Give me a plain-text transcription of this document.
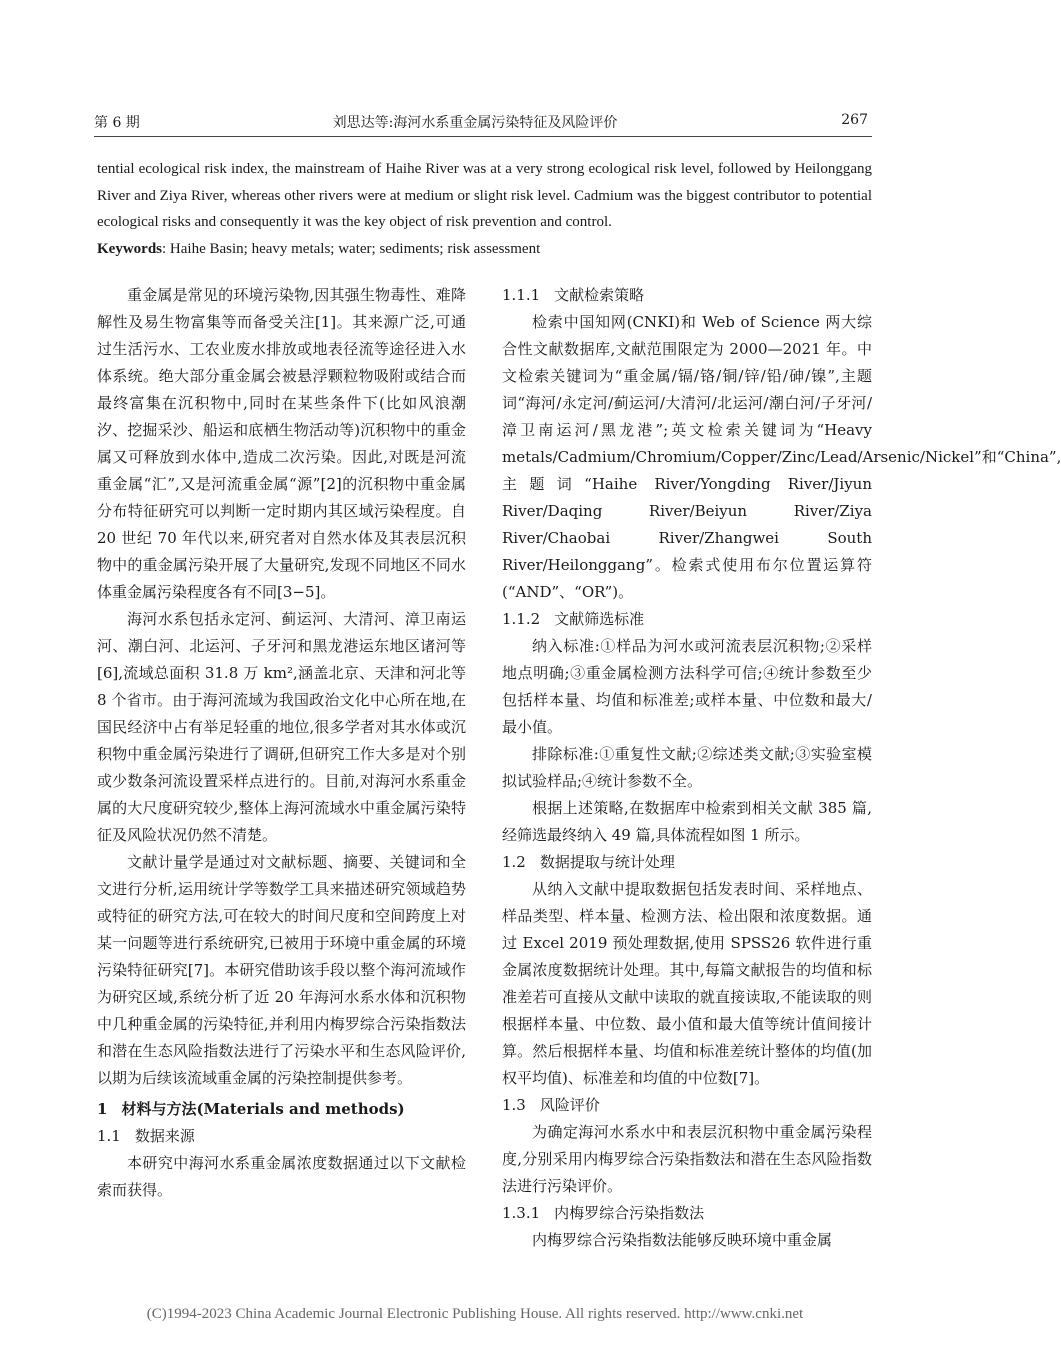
第 6 期	刘思达等:海河水系重金属污染特征及风险评价	267

tential ecological risk index, the mainstream of Haihe River was at a very strong ecological risk level, followed by Heilonggang River and Ziya River, whereas other rivers were at medium or slight risk level. Cadmium was the biggest contributor to potential ecological risks and consequently it was the key object of risk prevention and control.

Keywords: Haihe Basin; heavy metals; water; sediments; risk assessment

重金属是常见的环境污染物,因其强生物毒性、难降解性及易生物富集等而备受关注[1]。其来源广泛,可通过生活污水、工农业废水排放或地表径流等途径进入水体系统。绝大部分重金属会被悬浮颗粒物吸附或结合而最终富集在沉积物中,同时在某些条件下(比如风浪潮汐、挖掘采沙、船运和底栖生物活动等)沉积物中的重金属又可释放到水体中,造成二次污染。因此,对既是河流重金属“汇”,又是河流重金属“源”[2]的沉积物中重金属分布特征研究可以判断一定时期内其区域污染程度。自 20 世纪 70 年代以来,研究者对自然水体及其表层沉积物中的重金属污染开展了大量研究,发现不同地区不同水体重金属污染程度各有不同[3−5]。

海河水系包括永定河、蓟运河、大清河、漳卫南运河、潮白河、北运河、子牙河和黑龙港运东地区诸河等[6],流域总面积 31.8 万 km²,涵盖北京、天津和河北等 8 个省市。由于海河流域为我国政治文化中心所在地,在国民经济中占有举足轻重的地位,很多学者对其水体或沉积物中重金属污染进行了调研,但研究工作大多是对个别或少数条河流设置采样点进行的。目前,对海河水系重金属的大尺度研究较少,整体上海河流域水中重金属污染特征及风险状况仍然不清楚。

文献计量学是通过对文献标题、摘要、关键词和全文进行分析,运用统计学等数学工具来描述研究领域趋势或特征的研究方法,可在较大的时间尺度和空间跨度上对某一问题等进行系统研究,已被用于环境中重金属的环境污染特征研究[7]。本研究借助该手段以整个海河流域作为研究区域,系统分析了近 20 年海河水系水体和沉积物中几种重金属的污染特征,并利用内梅罗综合污染指数法和潜在生态风险指数法进行了污染水平和生态风险评价,以期为后续该流域重金属的污染控制提供参考。

1 材料与方法(Materials and methods)

1.1 数据来源

本研究中海河水系重金属浓度数据通过以下文献检索而获得。

1.1.1 文献检索策略

检索中国知网(CNKI)和 Web of Science 两大综合性文献数据库,文献范围限定为 2000—2021 年。中文检索关键词为“重金属/镉/铬/铜/锌/铅/砷/镍”,主题词“海河/永定河/蓟运河/大清河/北运河/潮白河/子牙河/漳卫南运河/黑龙港”;英文检索关键词为“Heavy metals/Cadmium/Chromium/Copper/Zinc/Lead/Arsenic/Nickel”和“China”,主题词“Haihe River/Yongding River/Jiyun River/Daqing River/Beiyun River/Ziya River/Chaobai River/Zhangwei South River/Heilonggang”。检索式使用布尔位置运算符(“AND”、“OR”)。

1.1.2 文献筛选标准

纳入标准:①样品为河水或河流表层沉积物;②采样地点明确;③重金属检测方法科学可信;④统计参数至少包括样本量、均值和标准差;或样本量、中位数和最大/最小值。

排除标准:①重复性文献;②综述类文献;③实验室模拟试验样品;④统计参数不全。

根据上述策略,在数据库中检索到相关文献 385 篇,经筛选最终纳入 49 篇,具体流程如图 1 所示。

1.2 数据提取与统计处理

从纳入文献中提取数据包括发表时间、采样地点、样品类型、样本量、检测方法、检出限和浓度数据。通过 Excel 2019 预处理数据,使用 SPSS26 软件进行重金属浓度数据统计处理。其中,每篇文献报告的均值和标准差若可直接从文献中读取的就直接读取,不能读取的则根据样本量、中位数、最小值和最大值等统计值间接计算。然后根据样本量、均值和标准差统计整体的均值(加权平均值)、标准差和均值的中位数[7]。

1.3 风险评价

为确定海河水系水中和表层沉积物中重金属污染程度,分别采用内梅罗综合污染指数法和潜在生态风险指数法进行污染评价。

1.3.1 内梅罗综合污染指数法

内梅罗综合污染指数法能够反映环境中重金属

(C)1994-2023 China Academic Journal Electronic Publishing House. All rights reserved. http://www.cnki.net
